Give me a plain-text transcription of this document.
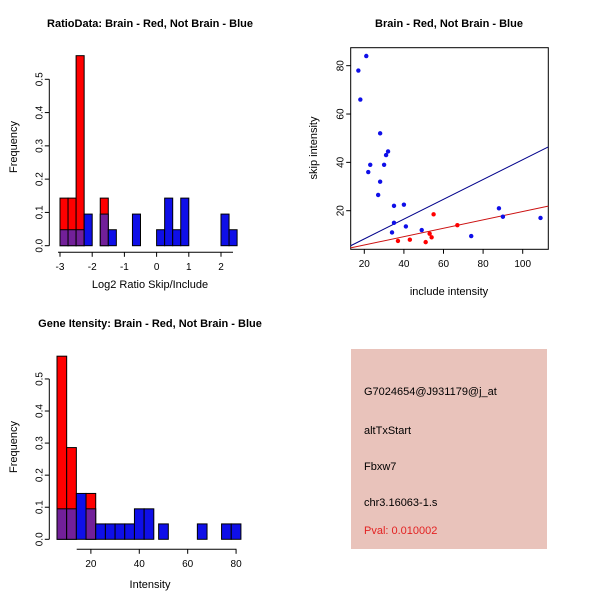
0.0
0.1
0.2
0.3
0.4
0.5
-3 -2 -1 0	1	2
0.0
0.1
0.2
0.3
0.4
0.5
20	40	60	80
20	40	60	80	100
20
40
60
80
RatioData: Brain - Red, Not Brain - Blue	Brain - Red, Not Brain - Blue
Gene Itensity: Brain - Red, Not Brain - Blue
Frequency
Log2 Ratio Skip/Include
skip intensity
include intensity
Frequency
Intensity
G7024654@J931179@j_at
altTxStart
Fbxw7
chr3.16063-1.s
Pval: 0.010002
